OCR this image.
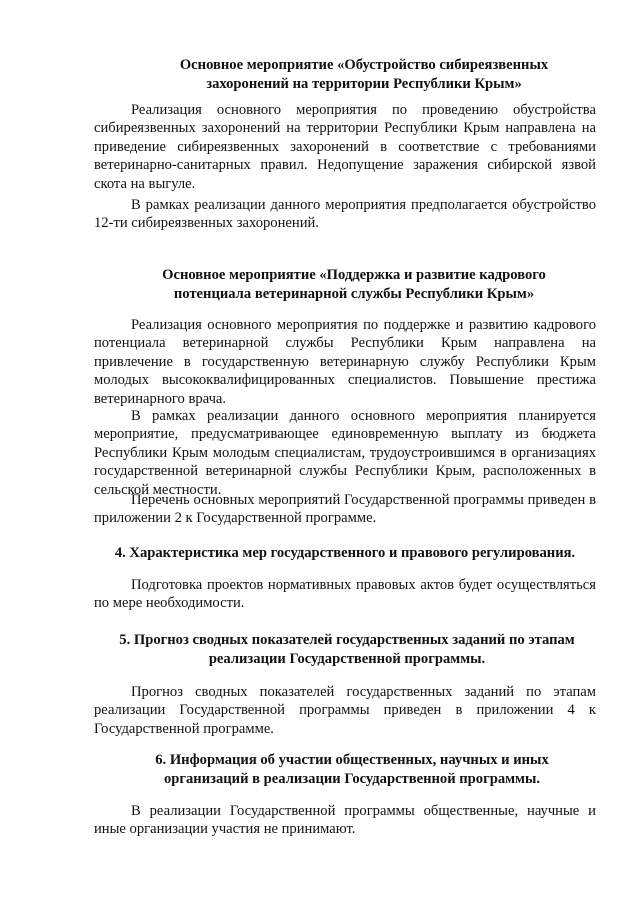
Основное мероприятие «Обустройство сибиреязвенных захоронений на территории Республики Крым»

Реализация основного мероприятия по проведению обустройства сибиреязвенных захоронений на территории Республики Крым направлена на приведение сибиреязвенных захоронений в соответствие с требованиями ветеринарно-санитарных правил. Недопущение заражения сибирской язвой скота на выгуле.

В рамках реализации данного мероприятия предполагается обустройство 12-ти сибиреязвенных захоронений.

Основное мероприятие «Поддержка и развитие кадрового потенциала ветеринарной службы Республики Крым»

Реализация основного мероприятия по поддержке и развитию кадрового потенциала ветеринарной службы Республики Крым направлена на привлечение в государственную ветеринарную службу Республики Крым молодых высококвалифицированных специалистов. Повышение престижа ветеринарного врача.

В рамках реализации данного основного мероприятия планируется мероприятие, предусматривающее единовременную выплату из бюджета Республики Крым молодым специалистам, трудоустроившимся в организациях государственной ветеринарной службы Республики Крым, расположенных в сельской местности.

Перечень основных мероприятий Государственной программы приведен в приложении 2 к Государственной программе.

4. Характеристика мер государственного и правового регулирования.

Подготовка проектов нормативных правовых актов будет осуществляться по мере необходимости.

5. Прогноз сводных показателей государственных заданий по этапам реализации Государственной программы.

Прогноз сводных показателей государственных заданий по этапам реализации Государственной программы приведен в приложении 4 к Государственной программе.

6. Информация об участии общественных, научных и иных организаций в реализации Государственной программы.

В реализации Государственной программы общественные, научные и иные организации участия не принимают.
